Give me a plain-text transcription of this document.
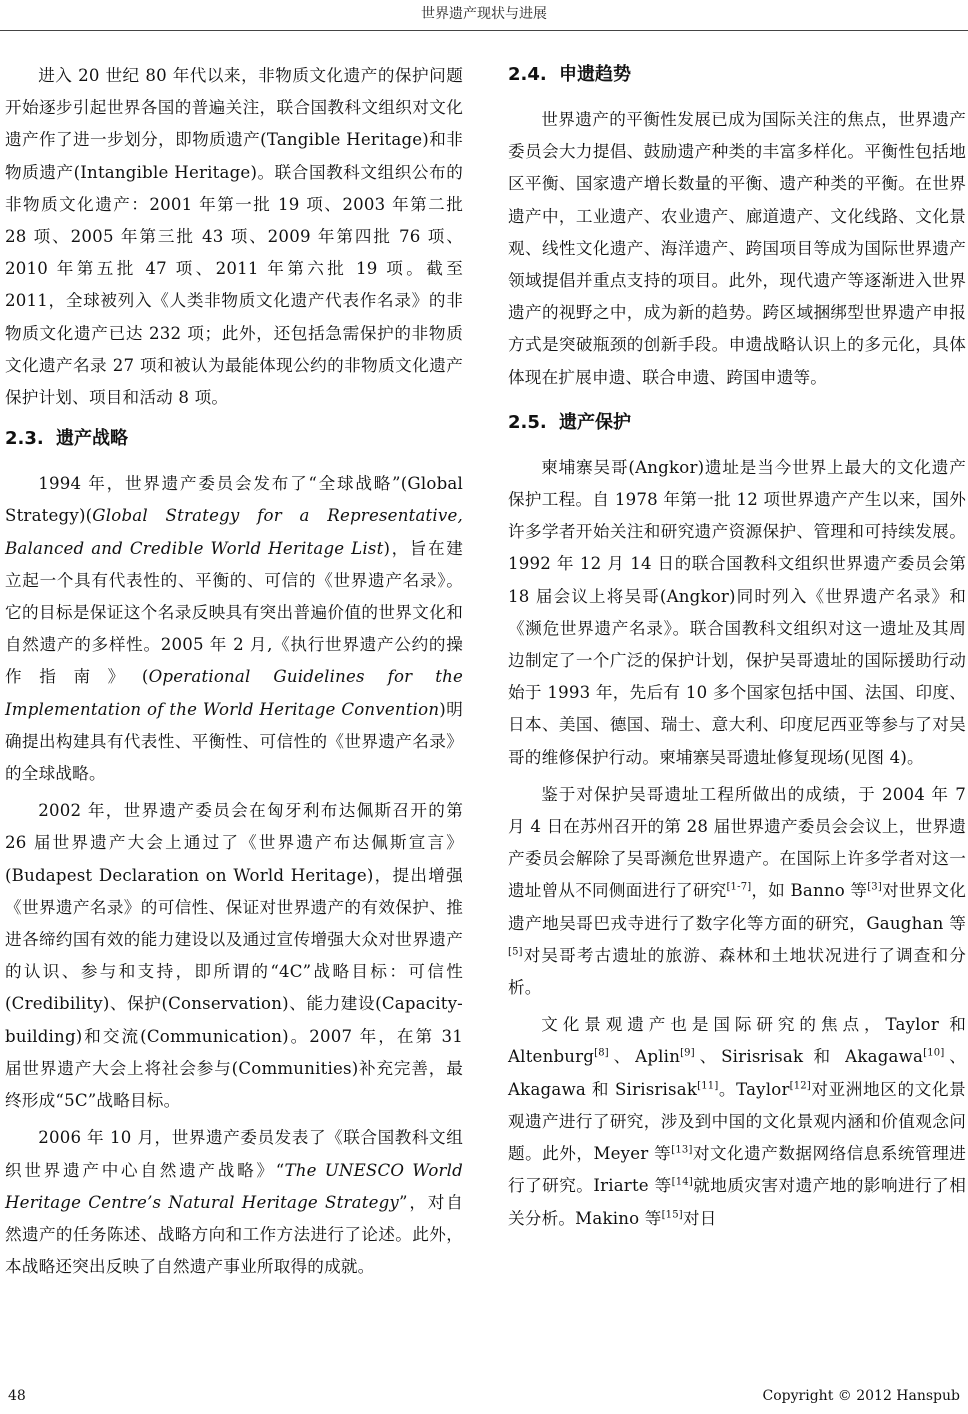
世界遗产现状与进展

进入 20 世纪 80 年代以来，非物质文化遗产的保护问题开始逐步引起世界各国的普遍关注，联合国教科文组织对文化遗产作了进一步划分，即物质遗产(Tangible Heritage)和非物质遗产(Intangible Heritage)。联合国教科文组织公布的非物质文化遗产：2001 年第一批 19 项、2003 年第二批 28 项、2005 年第三批 43 项、2009 年第四批 76 项、2010 年第五批 47 项、2011 年第六批 19 项。截至 2011，全球被列入《人类非物质文化遗产代表作名录》的非物质文化遗产已达 232 项；此外，还包括急需保护的非物质文化遗产名录 27 项和被认为最能体现公约的非物质文化遗产保护计划、项目和活动 8 项。

2.3. 遗产战略

1994 年，世界遗产委员会发布了“全球战略”(Global Strategy)(Global Strategy for a Representative, Balanced and Credible World Heritage List)，旨在建立起一个具有代表性的、平衡的、可信的《世界遗产名录》。它的目标是保证这个名录反映具有突出普遍价值的世界文化和自然遗产的多样性。2005 年 2 月,《执行世界遗产公约的操作指南》(Operational Guidelines for the Implementation of the World Heritage Convention)明确提出构建具有代表性、平衡性、可信性的《世界遗产名录》的全球战略。

2002 年，世界遗产委员会在匈牙利布达佩斯召开的第 26 届世界遗产大会上通过了《世界遗产布达佩斯宣言》(Budapest Declaration on World Heritage)，提出增强《世界遗产名录》的可信性、保证对世界遗产的有效保护、推进各缔约国有效的能力建设以及通过宣传增强大众对世界遗产的认识、参与和支持，即所谓的“4C”战略目标：可信性(Credibility)、保护(Conservation)、能力建设(Capacity-building)和交流(Communication)。2007 年，在第 31 届世界遗产大会上将社会参与(Communities)补充完善，最终形成“5C”战略目标。

2006 年 10 月，世界遗产委员发表了《联合国教科文组织世界遗产中心自然遗产战略》“The UNESCO World Heritage Centre’s Natural Heritage Strategy”，对自然遗产的任务陈述、战略方向和工作方法进行了论述。此外，本战略还突出反映了自然遗产事业所取得的成就。

2.4. 申遗趋势

世界遗产的平衡性发展已成为国际关注的焦点，世界遗产委员会大力提倡、鼓励遗产种类的丰富多样化。平衡性包括地区平衡、国家遗产增长数量的平衡、遗产种类的平衡。在世界遗产中，工业遗产、农业遗产、廊道遗产、文化线路、文化景观、线性文化遗产、海洋遗产、跨国项目等成为国际世界遗产领域提倡并重点支持的项目。此外，现代遗产等逐渐进入世界遗产的视野之中，成为新的趋势。跨区域捆绑型世界遗产申报方式是突破瓶颈的创新手段。申遗战略认识上的多元化，具体体现在扩展申遗、联合申遗、跨国申遗等。

2.5. 遗产保护

柬埔寨吴哥(Angkor)遗址是当今世界上最大的文化遗产保护工程。自 1978 年第一批 12 项世界遗产产生以来，国外许多学者开始关注和研究遗产资源保护、管理和可持续发展。1992 年 12 月 14 日的联合国教科文组织世界遗产委员会第 18 届会议上将吴哥(Angkor)同时列入《世界遗产名录》和《濒危世界遗产名录》。联合国教科文组织对这一遗址及其周边制定了一个广泛的保护计划，保护吴哥遗址的国际援助行动始于 1993 年，先后有 10 多个国家包括中国、法国、印度、日本、美国、德国、瑞士、意大利、印度尼西亚等参与了对吴哥的维修保护行动。柬埔寨吴哥遗址修复现场(见图 4)。

鉴于对保护吴哥遗址工程所做出的成绩，于 2004 年 7 月 4 日在苏州召开的第 28 届世界遗产委员会会议上，世界遗产委员会解除了吴哥濒危世界遗产。在国际上许多学者对这一遗址曾从不同侧面进行了研究[1-7]，如 Banno 等[3]对世界文化遗产地吴哥巴戎寺进行了数字化等方面的研究，Gaughan 等[5]对吴哥考古遗址的旅游、森林和土地状况进行了调查和分析。

文化景观遗产也是国际研究的焦点，Taylor 和 Altenburg[8]、Aplin[9]、Sirisrisak 和 Akagawa[10]、Akagawa 和 Sirisrisak[11]。Taylor[12]对亚洲地区的文化景观遗产进行了研究，涉及到中国的文化景观内涵和价值观念问题。此外，Meyer 等[13]对文化遗产数据网络信息系统管理进行了研究。Iriarte 等[14]就地质灾害对遗产地的影响进行了相关分析。Makino 等[15]对日

48	Copyright © 2012 Hanspub
